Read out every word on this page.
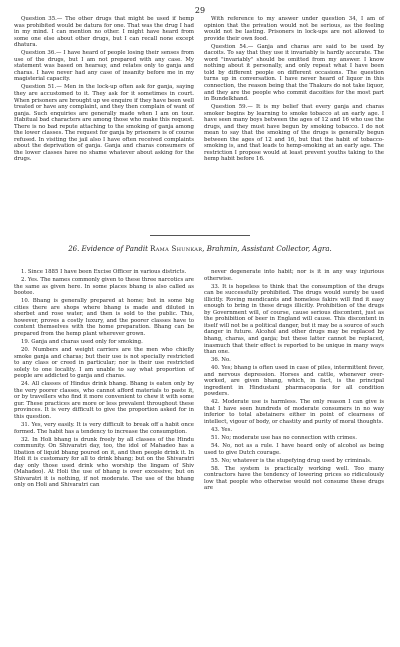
29

Question 35.— The other drugs that might be used if hemp was prohibited would be datura for one. That was the drug I had in my mind. I can mention no other. I might have heard from some one else about other drugs, but I can recall none except dhatura.

Question 36.— I have heard of people losing their senses from use of the drugs, but I am not prepared with any case. My statement was based on hearsay, and relates only to ganja and charas. I have never had any case of insanity before me in my magisterial capacity.

Question 51.— Men in the lock-up often ask for ganja, saying they are accustomed to it. They ask for it sometimes in court. When prisoners are brought up we enquire if they have been well treated or have any complaint, and they then complain of want of ganja. Such enquiries are generally made when I am on tour. Habitual bad characters are among those who make this request. There is no bad repute attaching to the smoking of ganja among the lower classes. The request for ganja by prisoners is of course refused. In visiting the jail also I have often received complaints about the deprivation of ganja. Ganja and charas consumers of the lower classes have no shame whatever about asking for the drugs.

With reference to my answer under question 34, I am of opinion that the privation would not be serious, as the feeling would not be lasting. Prisoners in lock-ups are not allowed to provide their own food.

Question 54.— Ganja and charas are said to be used by dacoits. To say that they use it invariably is hardly accurate. The word "invariably" should be omitted from my answer. I know nothing about it personally, and only repeat what I have been told by different people on different occasions. The question turns up in conversation. I have never heard of liquor in this connection, the reason being that the Thakurs do not take liquor, and they are the people who commit dacoities for the most part in Bundelkhand.

Question 59.— It is my belief that every ganja and charas smoker begins by learning to smoke tobacco at an early age. I have seen many boys between the ages of 12 and 16 who use the drugs, and they must have begun by smoking tobacco. I do not mean to say that the smoking of the drugs is generally begun between the ages of 12 and 16, but that the habit of tobacco-smoking is, and that leads to hemp-smoking at an early age. The restriction I propose would at least prevent youths taking to the hemp habit before 16.

26. Evidence of Pandit Rama Shunkar, Brahmin, Assistant Collector, Agra.

1. Since 1885 I have been Excise Officer in various districts.

2. Yes. The names commonly given to these three narcotics are the same as given here. In some places bhang is also called as bootee.

10. Bhang is generally prepared at home; but in some big cities there are shops where bhang is made and diluted in sherbet and rose water, and then is sold to the public. This, however, proves a costly luxury, and the poorer classes have to content themselves with the home preparation. Bhang can be prepared from the hemp plant wherever grown.

19. Ganja and charas used only for smoking.

20. Numbers and weight carriers are the men who chiefly smoke ganja and charas; but their use is not specially restricted to any class or creed in particular; nor is their use restricted solely to one locality. I am unable to say what proportion of people are addicted to ganja and charas.

24. All classes of Hindus drink bhang. Bhang is eaten only by the very poorer classes, who cannot afford materials to paste it, or by travellers who find it more convenient to chew it with some gur. These practices are more or less prevalent throughout these provinces. It is very difficult to give the proportion asked for in this question.

31. Yes, very easily. It is very difficult to break off a habit once formed. The habit has a tendency to increase the consumption.

32. In Holi bhang is drunk freely by all classes of the Hindu community. On Shivaratri day, too, the idol of Mahadeo has a libation of liquid bhang poured on it, and then people drink it. In Holi it is customary for all to drink bhang; but on the Shivaratri day only those used drink who worship the lingam of Shiv (Mahadeo). At Holi the use of bhang is over excessive; but on Shivaratri it is nothing, if not moderate. The use of the bhang only on Holi and Shivaratri can

never degenerate into habit; nor is it in any way injurious otherwise.

33. It is hopeless to think that the consumption of the drugs can be successfully prohibited. The drugs would surely be used illicitly. Roving mendicants and homeless fakirs will find it easy enough to bring in these drugs illicitly. Prohibition of the drugs by Government will, of course, cause serious discontent, just as the prohibition of beer in England will cause. This discontent in itself will not be a political danger, but it may be a source of such danger in future. Alcohol and other drugs may be replaced by bhang, charas, and ganja; but these latter cannot be replaced, inasmuch that their effect is reported to be unique in many ways than one.

36. No.

40. Yes; bhang is often used in case of piles, intermittent fever, and nervous depression. Horses and cattle, whenever over-worked, are given bhang, which, in fact, is the principal ingredient in Hindustani pharmacopœia for all condition powders.

42. Moderate use is harmless. The only reason I can give is that I have seen hundreds of moderate consumers in no way inferior to total abstainers either in point of clearness of intellect, vigour of body, or chastity and purity of moral thoughts.

43. Yes.

51. No; moderate use has no connection with crimes.

54. No, not as a rule. I have heard only of alcohol as being used to give Dutch courage.

55. No; whatever is the stupefying drug used by criminals.

58. The system is practically working well. Too many contractors have the tendency of lowering prices so ridiculously low that people who otherwise would not consume these drugs are
